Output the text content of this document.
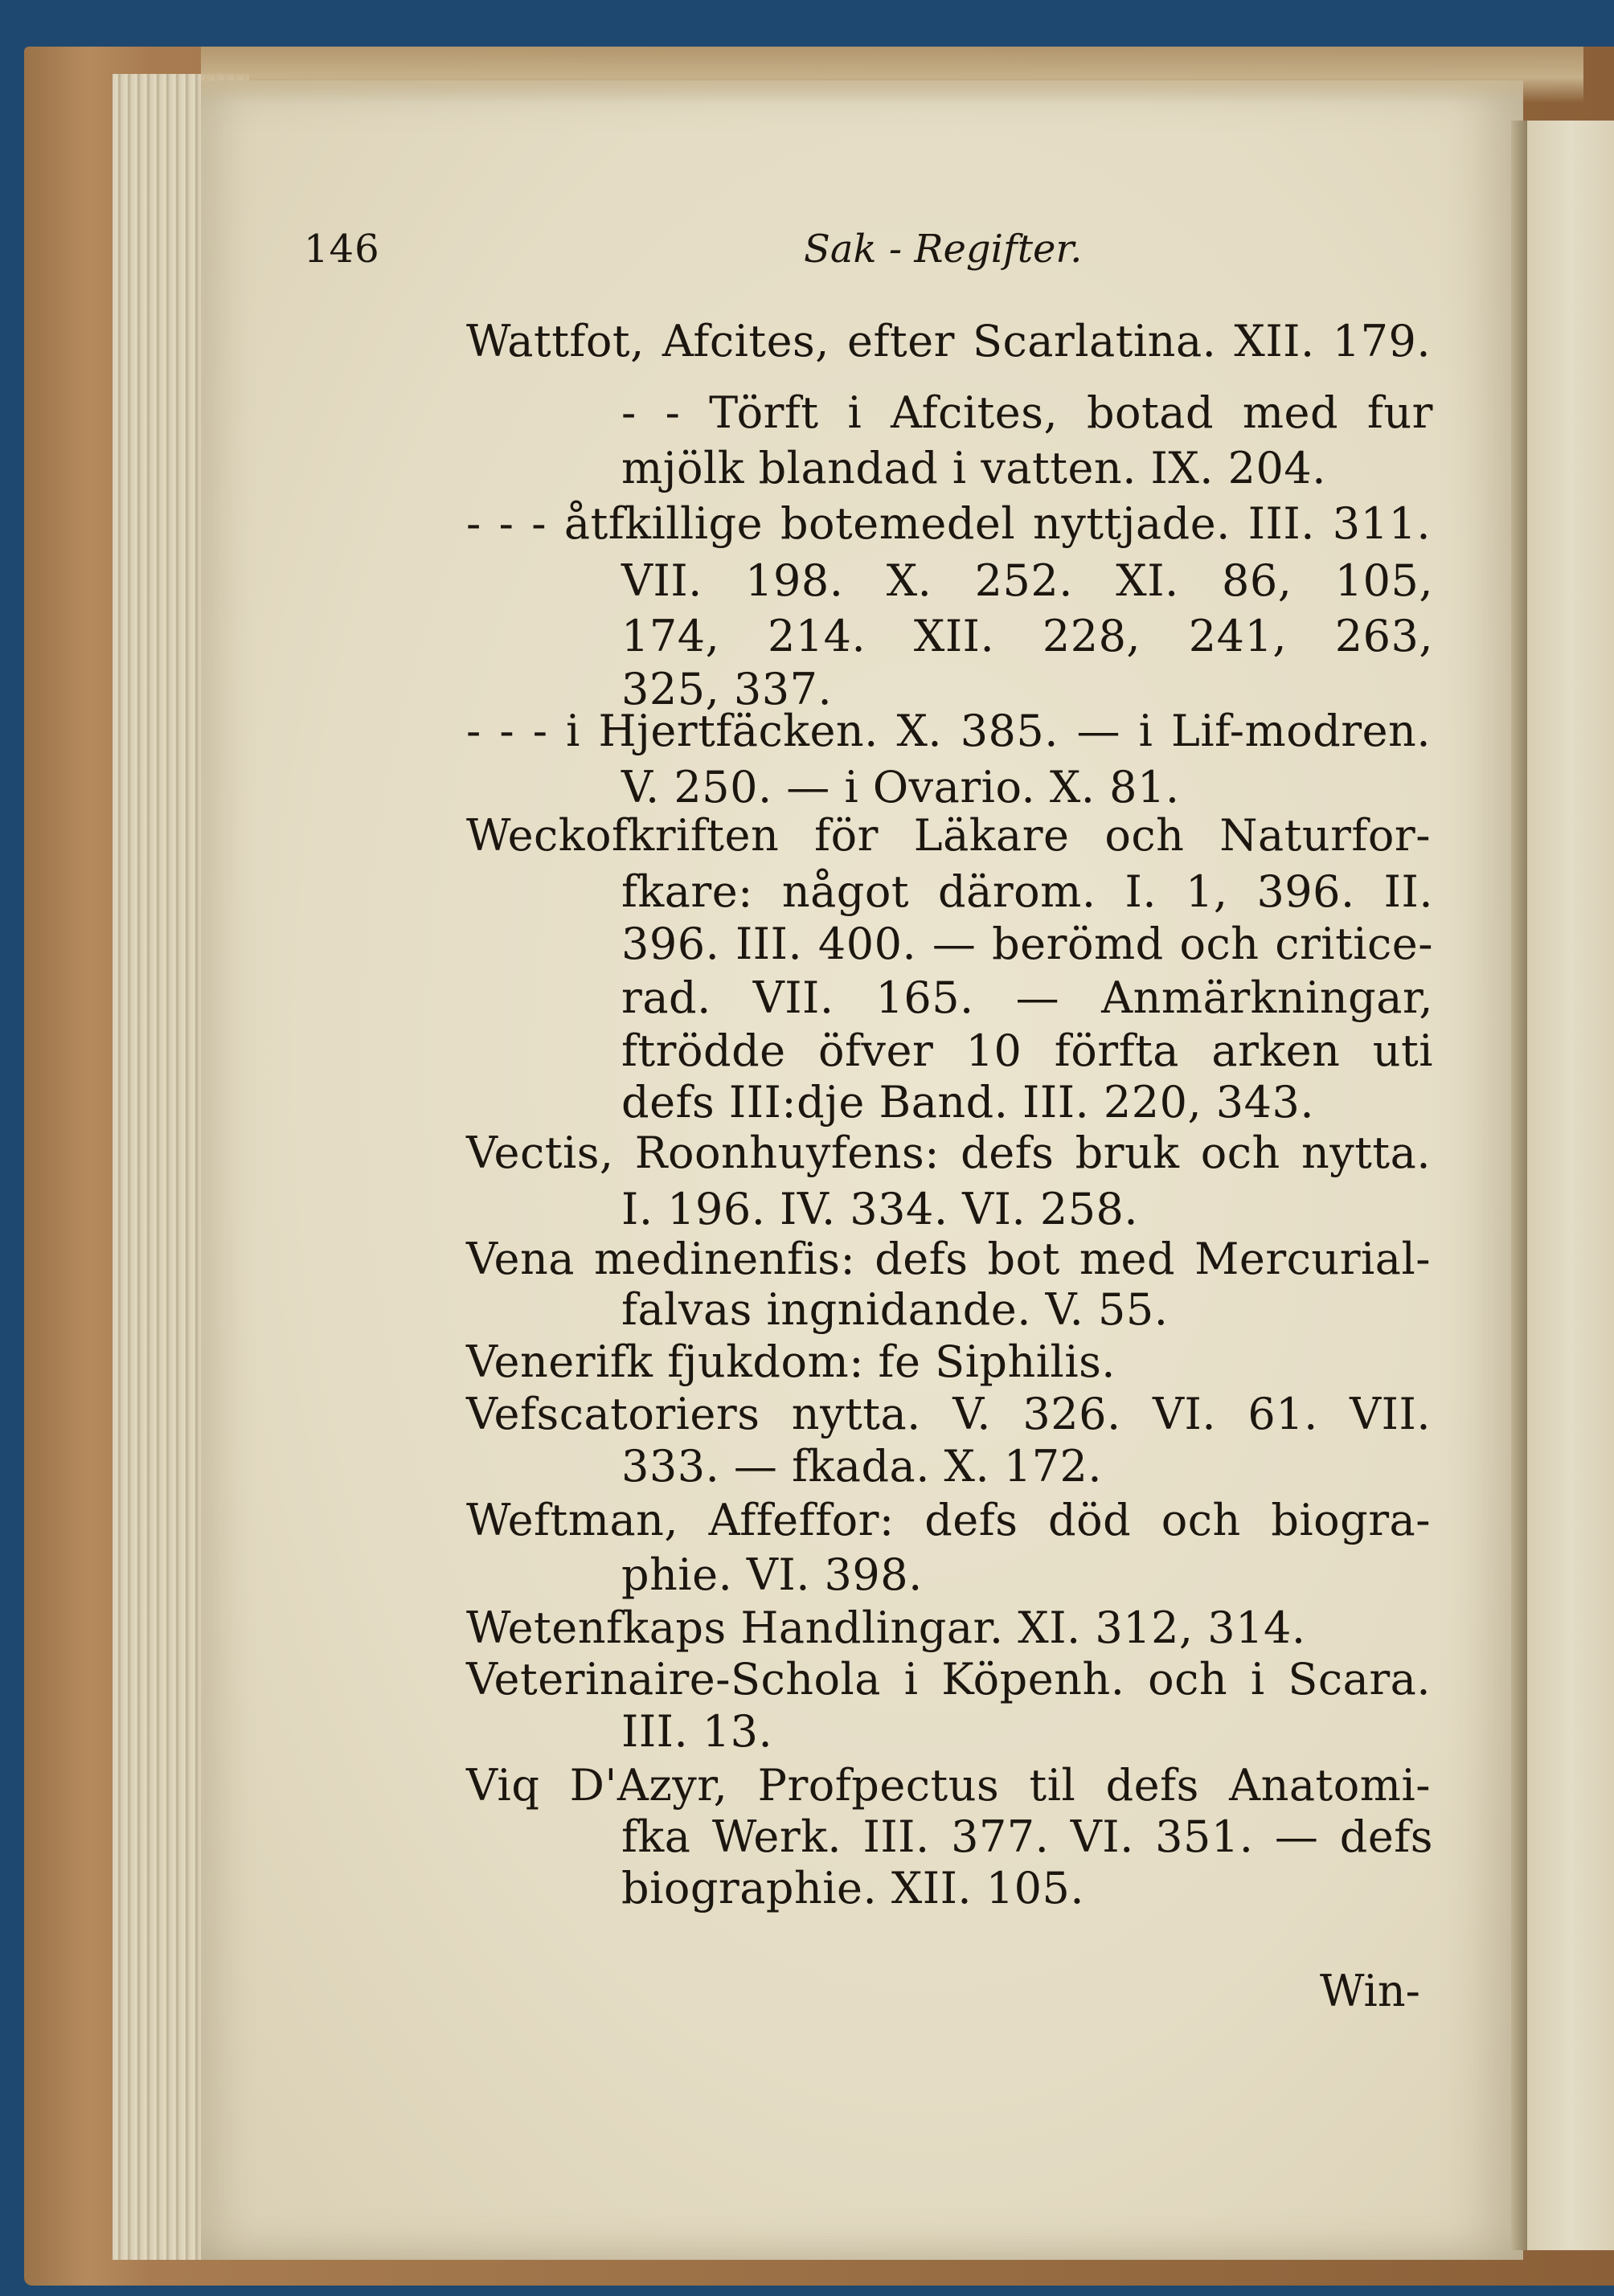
146	Sak - Regifter.
Wattfot, Afcites, efter Scarlatina. XII. 179.
- - Törft i Afcites, botad med fur
mjölk blandad i vatten. IX. 204.
- - - åtfkillige botemedel nyttjade. III. 311.
VII. 198. X. 252. XI. 86, 105,
174, 214. XII. 228, 241, 263,
325, 337.
- - - i Hjertfäcken. X. 385. — i Lif-modren.
V. 250. — i Ovario. X. 81.
Weckofkriften för Läkare och Naturfor-
fkare: något därom. I. 1, 396. II.
396. III. 400. — berömd och critice-
rad. VII. 165. — Anmärkningar,
ftrödde öfver 10 förfta arken uti
defs III:dje Band. III. 220, 343.
Vectis, Roonhuyfens: defs bruk och nytta.
I. 196. IV. 334. VI. 258.
Vena medinenfis: defs bot med Mercurial-
falvas ingnidande. V. 55.
Venerifk fjukdom: fe Siphilis.
Vefscatoriers nytta. V. 326. VI. 61. VII.
333. — fkada. X. 172.
Weftman, Affeffor: defs död och biogra-
phie. VI. 398.
Wetenfkaps Handlingar. XI. 312, 314.
Veterinaire-Schola i Köpenh. och i Scara.
III. 13.
Viq D'Azyr, Profpectus til defs Anatomi-
fka Werk. III. 377. VI. 351. — defs
biographie. XII. 105.
Win-
